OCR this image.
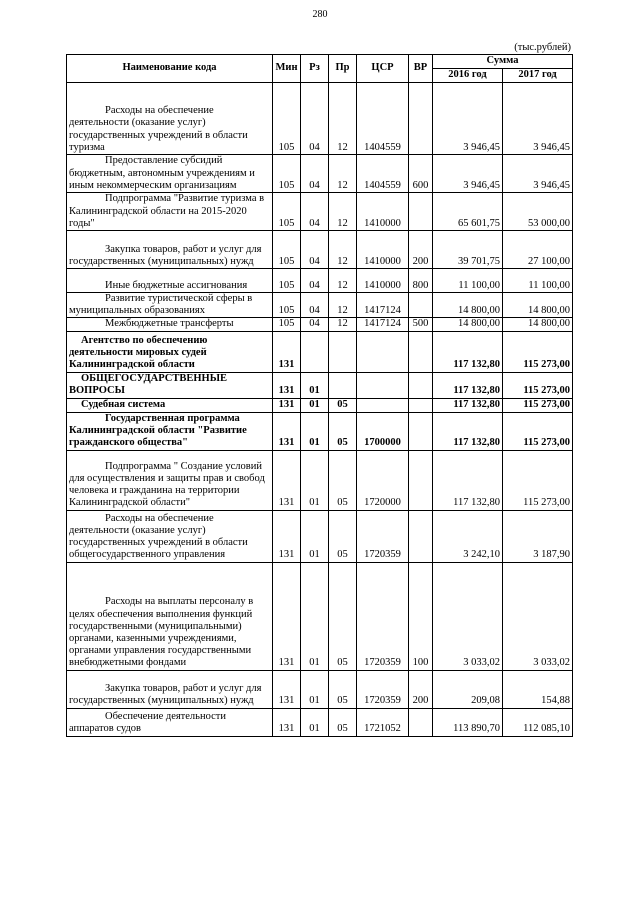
280
(тыс.рублей)
Наименование кода	Мин	Рз	Пр	ЦСР	ВР	Сумма	
						2016 год	2017 год
Расходы на обеспечение деятельности (оказание услуг) государственных учреждений в области туризма	105	04	12	1404559		3 946,45	3 946,45
Предоставление субсидий бюджетным, автономным учреждениям и иным некоммерческим организациям	105	04	12	1404559	600	3 946,45	3 946,45
Подпрограмма "Развитие туризма в Калининградской области на 2015-2020 годы"	105	04	12	1410000		65 601,75	53 000,00
Закупка товаров, работ и услуг для государственных (муниципальных) нужд	105	04	12	1410000	200	39 701,75	27 100,00
Иные бюджетные ассигнования	105	04	12	1410000	800	11 100,00	11 100,00
Развитие туристической сферы в муниципальных образованиях	105	04	12	1417124		14 800,00	14 800,00
Межбюджетные трансферты	105	04	12	1417124	500	14 800,00	14 800,00
Агентство по обеспечению деятельности мировых судей Калининградской области	131					117 132,80	115 273,00
ОБЩЕГОСУДАРСТВЕННЫЕ ВОПРОСЫ	131	01				117 132,80	115 273,00
Судебная система	131	01	05			117 132,80	115 273,00
Государственная программа Калининградской области "Развитие гражданского общества"	131	01	05	1700000		117 132,80	115 273,00
Подпрограмма " Создание условий для осуществления и защиты прав и свобод человека и гражданина на территории Калининградской области"	131	01	05	1720000		117 132,80	115 273,00
Расходы на обеспечение деятельности (оказание услуг) государственных учреждений в области общегосударственного управления	131	01	05	1720359		3 242,10	3 187,90
Расходы на выплаты персоналу в целях обеспечения выполнения функций государственными (муниципальными) органами, казенными учреждениями, органами управления государственными внебюджетными фондами	131	01	05	1720359	100	3 033,02	3 033,02
Закупка товаров, работ и услуг для государственных (муниципальных) нужд	131	01	05	1720359	200	209,08	154,88
Обеспечение деятельности аппаратов судов	131	01	05	1721052		113 890,70	112 085,10
